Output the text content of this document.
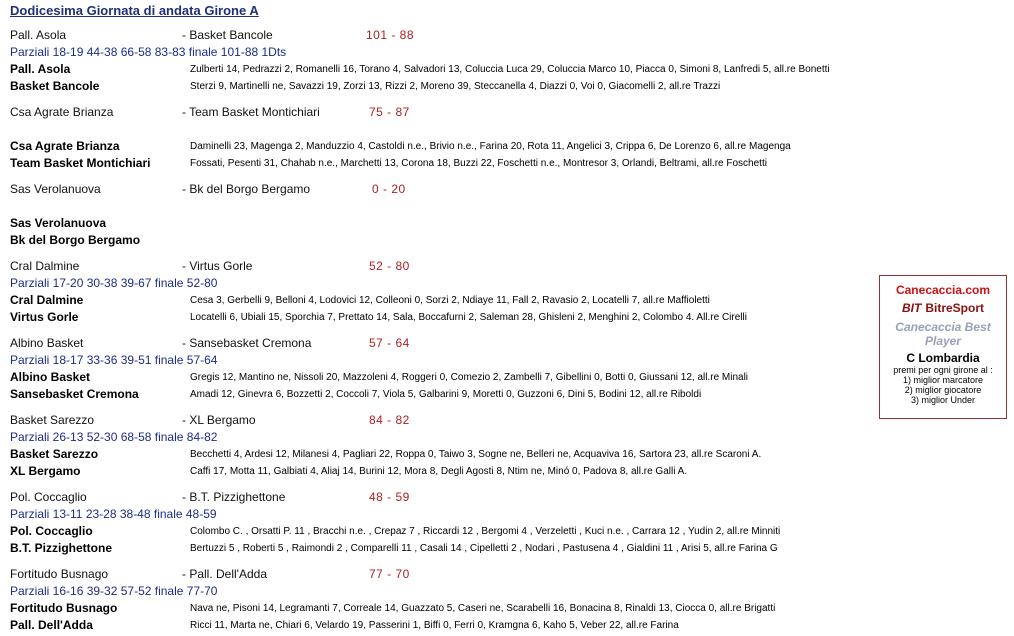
Dodicesima Giornata di andata Girone A
Pall. Asola	- Basket Bancole	101 - 88
Parziali 18-19 44-38 66-58 83-83 finale 101-88 1Dts
Pall. Asola	Zulberti 14, Pedrazzi 2, Romanelli 16, Torano 4, Salvadori 13, Coluccia Luca 29, Coluccia Marco 10, Piacca 0, Simoni 8, Lanfredi 5, all.re Bonetti
Basket Bancole	Sterzi 9, Martinelli ne, Savazzi 19, Zorzi 13, Rizzi 2, Moreno 39, Steccanella 4, Diazzi 0, Voi 0, Giacomelli 2, all.re Trazzi
Csa Agrate Brianza	- Team Basket Montichiari	75 - 87
Csa Agrate Brianza	Daminelli 23, Magenga 2, Manduzzio 4, Castoldi n.e., Brivio n.e., Farina 20, Rota 11, Angelici 3, Crippa 6, De Lorenzo 6, all.re Magenga
Team Basket Montichiari	Fossati, Pesenti 31, Chahab n.e., Marchetti 13, Corona 18, Buzzi 22, Foschetti n.e., Montresor 3, Orlandi, Beltrami, all.re Foschetti
Sas Verolanuova	- Bk del Borgo Bergamo	0 - 20
Sas Verolanuova
Bk del Borgo Bergamo
Cral Dalmine	- Virtus Gorle	52 - 80
Parziali 17-20 30-38 39-67 finale 52-80
Cral Dalmine	Cesa 3, Gerbelli 9, Belloni 4, Lodovici 12, Colleoni 0, Sorzi 2, Ndiaye 11, Fall 2, Ravasio 2, Locatelli 7, all.re Maffioletti
Virtus Gorle	Locatelli 6, Ubiali 15, Sporchia 7, Prettato 14, Sala, Boccafurni 2, Saleman 28, Ghisleni 2, Menghini 2, Colombo 4. All.re Cirelli
Albino Basket	- Sansebasket Cremona	57 - 64
Parziali 18-17 33-36 39-51 finale 57-64
Albino Basket	Gregis 12, Mantino ne, Nissoli 20, Mazzoleni 4, Roggeri 0, Comezio 2, Zambelli 7, Gibellini 0, Botti 0, Giussani 12, all.re Minali
Sansebasket Cremona	Amadi 12, Ginevra 6, Bozzetti 2, Coccoli 7, Viola 5, Galbarini 9, Moretti 0, Guzzoni 6, Dini 5, Bodini 12, all.re Riboldi
Basket Sarezzo	- XL Bergamo	84 - 82
Parziali 26-13 52-30 68-58 finale 84-82
Basket Sarezzo	Becchetti 4, Ardesi 12, Milanesi 4, Pagliari 22, Roppa 0, Taiwo 3, Sogne ne, Belleri ne, Acquaviva 16, Sartora 23, all.re Scaroni A.
XL Bergamo	Caffi 17, Motta 11, Galbiati 4, Aliaj 14, Burini 12, Mora 8, Degli Agosti 8, Ntim ne, Minó 0, Padova 8, all.re Galli A.
Pol. Coccaglio	- B.T. Pizzighettone	48 - 59
Parziali 13-11 23-28 38-48 finale 48-59
Pol. Coccaglio	Colombo C. , Orsatti P. 11 , Bracchi n.e. , Crepaz 7 , Riccardi 12 , Bergomi 4 , Verzeletti , Kuci n.e. , Carrara 12 , Yudin 2, all.re Minniti
B.T. Pizzighettone	Bertuzzi 5 , Roberti 5 , Raimondi 2 , Comparelli 11 , Casali 14 , Cipelletti 2 , Nodari , Pastusena 4 , Gialdini 11 , Arisi 5, all.re Farina G
Fortitudo Busnago	- Pall. Dell'Adda	77 - 70
Parziali 16-16 39-32 57-52 finale 77-70
Fortitudo Busnago	Nava ne, Pisoni 14, Legramanti 7, Correale 14, Guazzato 5, Caseri ne, Scarabelli 16, Bonacina 8, Rinaldi 13, Ciocca 0, all.re Brigatti
Pall. Dell'Adda	Ricci 11, Marta ne, Chiari 6, Velardo 19, Passerini 1, Biffi 0, Ferri 0, Kramgna 6, Kaho 5, Veber 22, all.re Farina
Canecaccia.com
BIT BitreSport
Canecaccia Best Player
C Lombardia
premi per ogni girone al :
1) miglior marcatore
2) miglior giocatore
3) miglior Under
